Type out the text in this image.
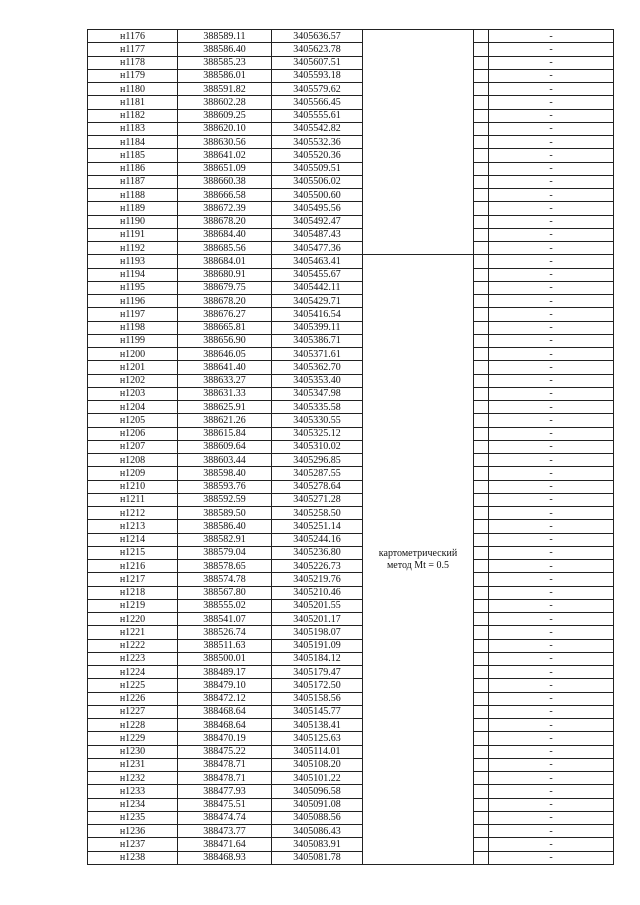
н1176	388589.11	3405636.57			-
н1177	388586.40	3405623.78			-
н1178	388585.23	3405607.51			-
н1179	388586.01	3405593.18			-
н1180	388591.82	3405579.62			-
н1181	388602.28	3405566.45			-
н1182	388609.25	3405555.61			-
н1183	388620.10	3405542.82			-
н1184	388630.56	3405532.36			-
н1185	388641.02	3405520.36			-
н1186	388651.09	3405509.51			-
н1187	388660.38	3405506.02			-
н1188	388666.58	3405500.60			-
н1189	388672.39	3405495.56			-
н1190	388678.20	3405492.47			-
н1191	388684.40	3405487.43			-
н1192	388685.56	3405477.36			-
н1193	388684.01	3405463.41	картометрический
метод Mt = 0.5		-
н1194	388680.91	3405455.67			-
н1195	388679.75	3405442.11			-
н1196	388678.20	3405429.71			-
н1197	388676.27	3405416.54			-
н1198	388665.81	3405399.11			-
н1199	388656.90	3405386.71			-
н1200	388646.05	3405371.61			-
н1201	388641.40	3405362.70			-
н1202	388633.27	3405353.40			-
н1203	388631.33	3405347.98			-
н1204	388625.91	3405335.58			-
н1205	388621.26	3405330.55			-
н1206	388615.84	3405325.12			-
н1207	388609.64	3405310.02			-
н1208	388603.44	3405296.85			-
н1209	388598.40	3405287.55			-
н1210	388593.76	3405278.64			-
н1211	388592.59	3405271.28			-
н1212	388589.50	3405258.50			-
н1213	388586.40	3405251.14			-
н1214	388582.91	3405244.16			-
н1215	388579.04	3405236.80			-
н1216	388578.65	3405226.73			-
н1217	388574.78	3405219.76			-
н1218	388567.80	3405210.46			-
н1219	388555.02	3405201.55			-
н1220	388541.07	3405201.17			-
н1221	388526.74	3405198.07			-
н1222	388511.63	3405191.09			-
н1223	388500.01	3405184.12			-
н1224	388489.17	3405179.47			-
н1225	388479.10	3405172.50			-
н1226	388472.12	3405158.56			-
н1227	388468.64	3405145.77			-
н1228	388468.64	3405138.41			-
н1229	388470.19	3405125.63			-
н1230	388475.22	3405114.01			-
н1231	388478.71	3405108.20			-
н1232	388478.71	3405101.22			-
н1233	388477.93	3405096.58			-
н1234	388475.51	3405091.08			-
н1235	388474.74	3405088.56			-
н1236	388473.77	3405086.43			-
н1237	388471.64	3405083.91			-
н1238	388468.93	3405081.78			-
